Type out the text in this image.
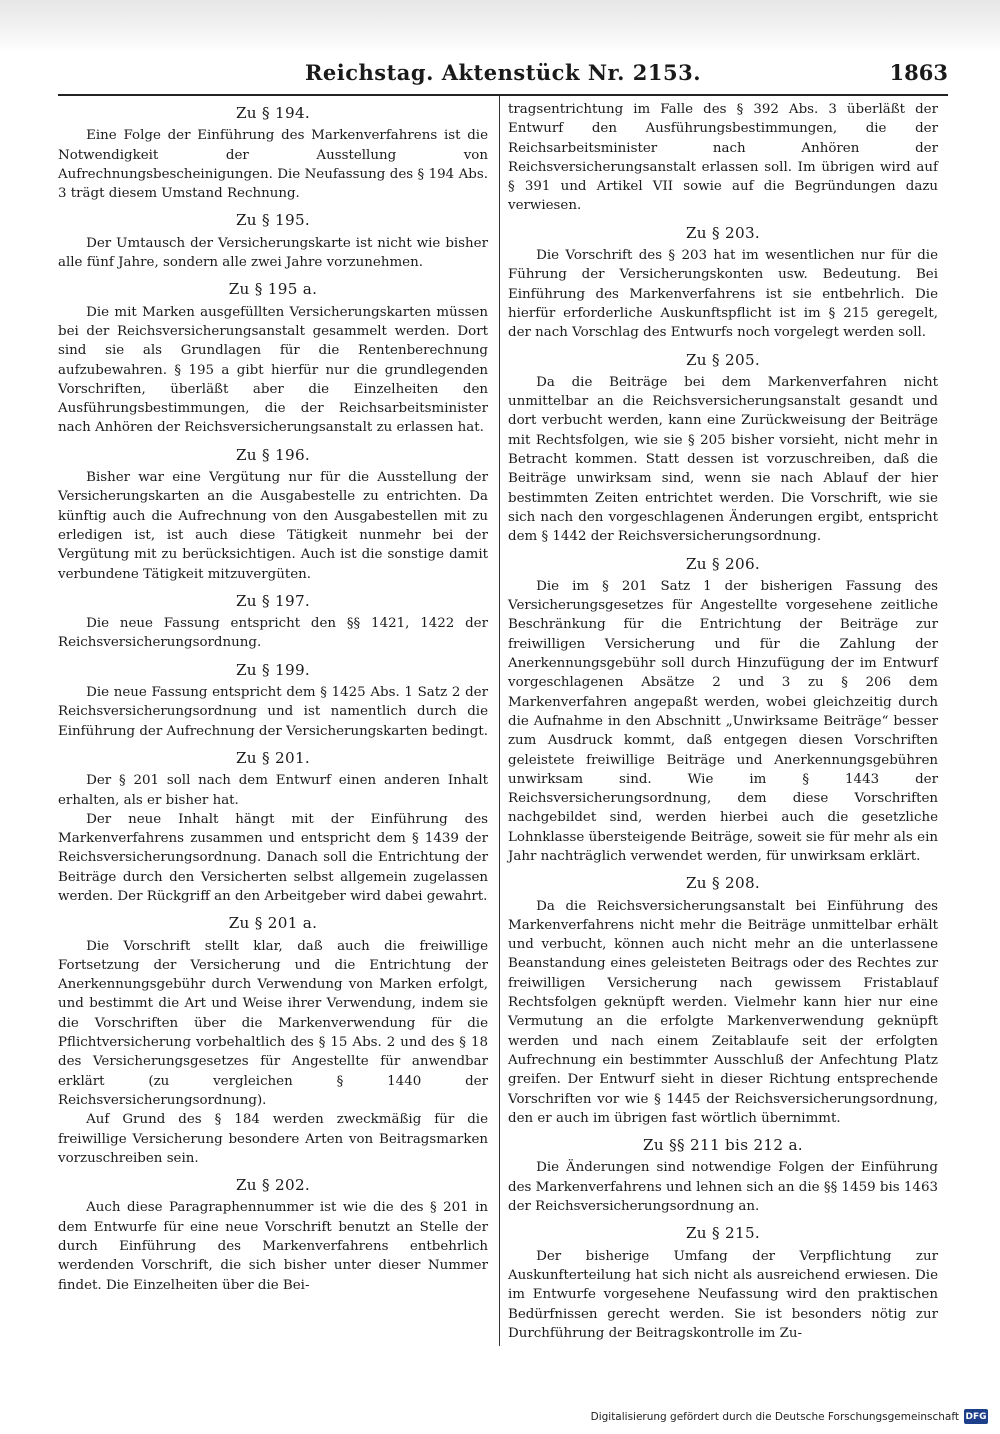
Reichstag. Aktenstück Nr. 2153.	1863
Zu § 194.

Eine Folge der Einführung des Markenverfahrens ist die Notwendigkeit der Ausstellung von Aufrechnungsbescheinigungen. Die Neufassung des § 194 Abs. 3 trägt diesem Umstand Rechnung.

Zu § 195.

Der Umtausch der Versicherungskarte ist nicht wie bisher alle fünf Jahre, sondern alle zwei Jahre vorzunehmen.

Zu § 195 a.

Die mit Marken ausgefüllten Versicherungskarten müssen bei der Reichsversicherungsanstalt gesammelt werden. Dort sind sie als Grundlagen für die Rentenberechnung aufzubewahren. § 195 a gibt hierfür nur die grundlegenden Vorschriften, überläßt aber die Einzelheiten den Ausführungsbestimmungen, die der Reichsarbeitsminister nach Anhören der Reichsversicherungsanstalt zu erlassen hat.

Zu § 196.

Bisher war eine Vergütung nur für die Ausstellung der Versicherungskarten an die Ausgabestelle zu entrichten. Da künftig auch die Aufrechnung von den Ausgabestellen mit zu erledigen ist, ist auch diese Tätigkeit nunmehr bei der Vergütung mit zu berücksichtigen. Auch ist die sonstige damit verbundene Tätigkeit mitzuvergüten.

Zu § 197.

Die neue Fassung entspricht den §§ 1421, 1422 der Reichsversicherungsordnung.

Zu § 199.

Die neue Fassung entspricht dem § 1425 Abs. 1 Satz 2 der Reichsversicherungsordnung und ist namentlich durch die Einführung der Aufrechnung der Versicherungskarten bedingt.

Zu § 201.

Der § 201 soll nach dem Entwurf einen anderen Inhalt erhalten, als er bisher hat.

Der neue Inhalt hängt mit der Einführung des Markenverfahrens zusammen und entspricht dem § 1439 der Reichsversicherungsordnung. Danach soll die Entrichtung der Beiträge durch den Versicherten selbst allgemein zugelassen werden. Der Rückgriff an den Arbeitgeber wird dabei gewahrt.

Zu § 201 a.

Die Vorschrift stellt klar, daß auch die freiwillige Fortsetzung der Versicherung und die Entrichtung der Anerkennungsgebühr durch Verwendung von Marken erfolgt, und bestimmt die Art und Weise ihrer Verwendung, indem sie die Vorschriften über die Markenverwendung für die Pflichtversicherung vorbehaltlich des § 15 Abs. 2 und des § 18 des Versicherungsgesetzes für Angestellte für anwendbar erklärt (zu vergleichen § 1440 der Reichsversicherungsordnung).

Auf Grund des § 184 werden zweckmäßig für die freiwillige Versicherung besondere Arten von Beitragsmarken vorzuschreiben sein.

Zu § 202.

Auch diese Paragraphennummer ist wie die des § 201 in dem Entwurfe für eine neue Vorschrift benutzt an Stelle der durch Einführung des Markenverfahrens entbehrlich werdenden Vorschrift, die sich bisher unter dieser Nummer findet. Die Einzelheiten über die Bei-

tragsentrichtung im Falle des § 392 Abs. 3 überläßt der Entwurf den Ausführungsbestimmungen, die der Reichsarbeitsminister nach Anhören der Reichsversicherungsanstalt erlassen soll. Im übrigen wird auf § 391 und Artikel VII sowie auf die Begründungen dazu verwiesen.

Zu § 203.

Die Vorschrift des § 203 hat im wesentlichen nur für die Führung der Versicherungskonten usw. Bedeutung. Bei Einführung des Markenverfahrens ist sie entbehrlich. Die hierfür erforderliche Auskunftspflicht ist im § 215 geregelt, der nach Vorschlag des Entwurfs noch vorgelegt werden soll.

Zu § 205.

Da die Beiträge bei dem Markenverfahren nicht unmittelbar an die Reichsversicherungsanstalt gesandt und dort verbucht werden, kann eine Zurückweisung der Beiträge mit Rechtsfolgen, wie sie § 205 bisher vorsieht, nicht mehr in Betracht kommen. Statt dessen ist vorzuschreiben, daß die Beiträge unwirksam sind, wenn sie nach Ablauf der hier bestimmten Zeiten entrichtet werden. Die Vorschrift, wie sie sich nach den vorgeschlagenen Änderungen ergibt, entspricht dem § 1442 der Reichsversicherungsordnung.

Zu § 206.

Die im § 201 Satz 1 der bisherigen Fassung des Versicherungsgesetzes für Angestellte vorgesehene zeitliche Beschränkung für die Entrichtung der Beiträge zur freiwilligen Versicherung und für die Zahlung der Anerkennungsgebühr soll durch Hinzufügung der im Entwurf vorgeschlagenen Absätze 2 und 3 zu § 206 dem Markenverfahren angepaßt werden, wobei gleichzeitig durch die Aufnahme in den Abschnitt „Unwirksame Beiträge“ besser zum Ausdruck kommt, daß entgegen diesen Vorschriften geleistete freiwillige Beiträge und Anerkennungsgebühren unwirksam sind. Wie im § 1443 der Reichsversicherungsordnung, dem diese Vorschriften nachgebildet sind, werden hierbei auch die gesetzliche Lohnklasse übersteigende Beiträge, soweit sie für mehr als ein Jahr nachträglich verwendet werden, für unwirksam erklärt.

Zu § 208.

Da die Reichsversicherungsanstalt bei Einführung des Markenverfahrens nicht mehr die Beiträge unmittelbar erhält und verbucht, können auch nicht mehr an die unterlassene Beanstandung eines geleisteten Beitrags oder des Rechtes zur freiwilligen Versicherung nach gewissem Fristablauf Rechtsfolgen geknüpft werden. Vielmehr kann hier nur eine Vermutung an die erfolgte Markenverwendung geknüpft werden und nach einem Zeitablaufe seit der erfolgten Aufrechnung ein bestimmter Ausschluß der Anfechtung Platz greifen. Der Entwurf sieht in dieser Richtung entsprechende Vorschriften vor wie § 1445 der Reichsversicherungsordnung, den er auch im übrigen fast wörtlich übernimmt.

Zu §§ 211 bis 212 a.

Die Änderungen sind notwendige Folgen der Einführung des Markenverfahrens und lehnen sich an die §§ 1459 bis 1463 der Reichsversicherungsordnung an.

Zu § 215.

Der bisherige Umfang der Verpflichtung zur Auskunfterteilung hat sich nicht als ausreichend erwiesen. Die im Entwurfe vorgesehene Neufassung wird den praktischen Bedürfnissen gerecht werden. Sie ist besonders nötig zur Durchführung der Beitragskontrolle im Zu-

Digitalisierung gefördert durch die Deutsche Forschungsgemeinschaft DFG
